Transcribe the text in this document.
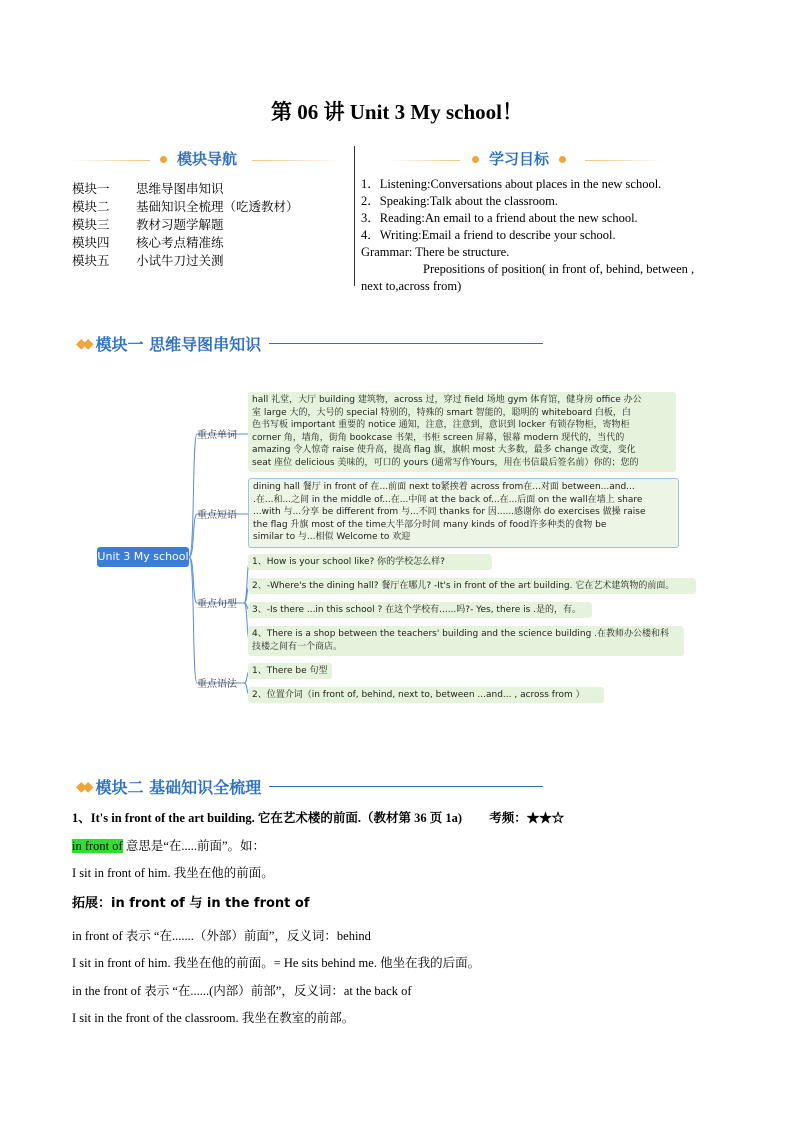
第 06 讲 Unit 3 My school！
模块导航
模块一	思维导图串知识
模块二	基础知识全梳理（吃透教材）
模块三	教材习题学解题
模块四	核心考点精准练
模块五	小试牛刀过关测
学习目标
1．Listening:Conversations about places in the new school.
2．Speaking:Talk about the classroom.
3．Reading:An email to a friend about the new school.
4．Writing:Email a friend to describe your school.
Grammar: There be structure.
Prepositions of position( in front of, behind, between ,
next to,across from)
◆◆ 模块一 思维导图串知识
Unit 3 My school
重点单词
重点短语
重点句型
重点语法
hall 礼堂，大厅 building 建筑物，across 过，穿过 field 场地 gym 体育馆，健身房 office 办公
室 large 大的，大号的 special 特别的，特殊的 smart 智能的，聪明的 whiteboard 白板，白
色书写板 important 重要的 notice 通知，注意，注意到，意识到 locker 有锁存物柜，寄物柜
corner 角，墙角，街角 bookcase 书架，书柜 screen 屏幕，银幕 modern 现代的，当代的
amazing 令人惊奇 raise 使升高，提高 flag 旗，旗帜 most 大多数，最多 change 改变，变化
seat 座位 delicious 美味的，可口的 yours (通常写作Yours，用在书信最后签名前）你的；您的
dining hall 餐厅 in front of 在...前面 next to紧挨着 across from在...对面 between...and...
.在...和...之间 in the middle of...在...中间 at the back of...在...后面 on the wall在墙上 share
...with 与...分享 be different from 与...不同 thanks for 因......感谢你 do exercises 做操 raise
the flag 升旗 most of the time大半部分时间 many kinds of food许多种类的食物 be
similar to 与...相似 Welcome to 欢迎
1、How is your school like? 你的学校怎么样?
2、-Where's the dining hall? 餐厅在哪儿? -It's in front of the art building. 它在艺术建筑物的前面。
3、-Is there ...in this school ? 在这个学校有......吗?- Yes, there is .是的，有。
4、There is a shop between the teachers' building and the science building .在教师办公楼和科
技楼之间有一个商店。
1、There be 句型
2、位置介词（in front of, behind, next to, between ...and... , across from ）
◆◆ 模块二 基础知识全梳理
1、It's in front of the art building. 它在艺术楼的前面.（教材第 36 页 1a) 考频：★★☆
in front of 意思是“在.....前面”。如：
I sit in front of him. 我坐在他的前面。
拓展：in front of 与 in the front of
in front of 表示 “在.......（外部）前面”，反义词：behind
I sit in front of him. 我坐在他的前面。= He sits behind me. 他坐在我的后面。
in the front of 表示 “在......(内部）前部”，反义词：at the back of
I sit in the front of the classroom. 我坐在教室的前部。
